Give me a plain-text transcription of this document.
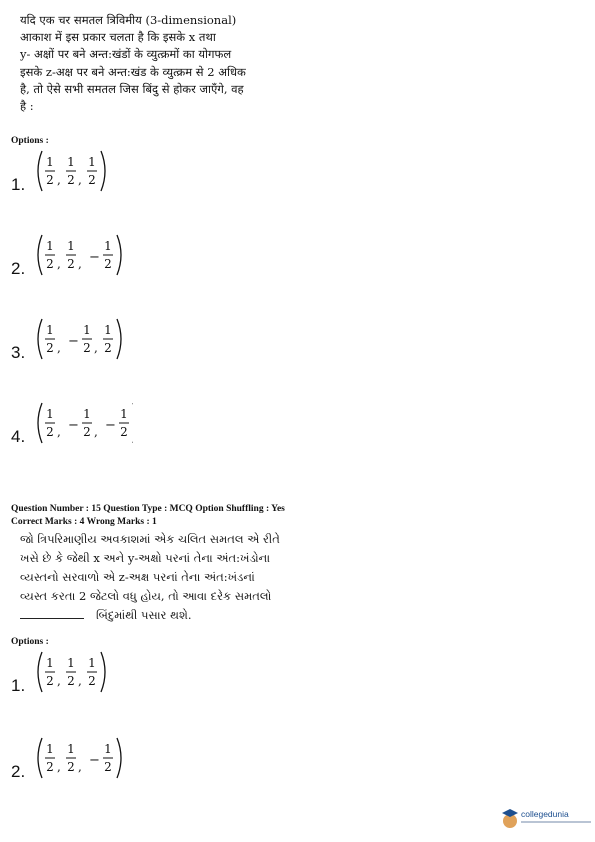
यदि एक चर समतल त्रिविमीय (3-dimensional)
आकाश में इस प्रकार चलता है कि इसके x तथा
y- अक्षों पर बने अन्त:खंडों के व्युत्क्रमों का योगफल
इसके z-अक्ष पर बने अन्त:खंड के व्युत्क्रम से 2 अधिक
है, तो ऐसे सभी समतल जिस बिंदु से होकर जाएँगे, वह
है :
Options :
1.
1
2 ,
1
2 ,
1
2
2.
1
2 ,
1
2 , −
1
2
3.
1
2 , −
1
2 ,
1
2
4.
1
2 , −
1
2 , −
1
2
Question Number : 15 Question Type : MCQ Option Shuffling : Yes
Correct Marks : 4 Wrong Marks : 1
જો ત્રિપરિમાણીય અવકાશમાં એક ચલિત સમતલ એ રીતે
ખસે છે કે જેથી x અને y-અક્ષો પરનાં તેના અંત:ખંડોના
વ્યસ્તનો સરવાળો એ z-અક્ષ પરનાં તેના અંત:ખંડનાં
વ્યસ્ત કરતા 2 જેટલો વધુ હોય, તો આવા દરેક સમતલો
બિંદુમાંથી પસાર થશે.
Options :
1.
1
2 ,
1
2 ,
1
2
2.
1
2 ,
1
2 , −
1
2
collegedunia
